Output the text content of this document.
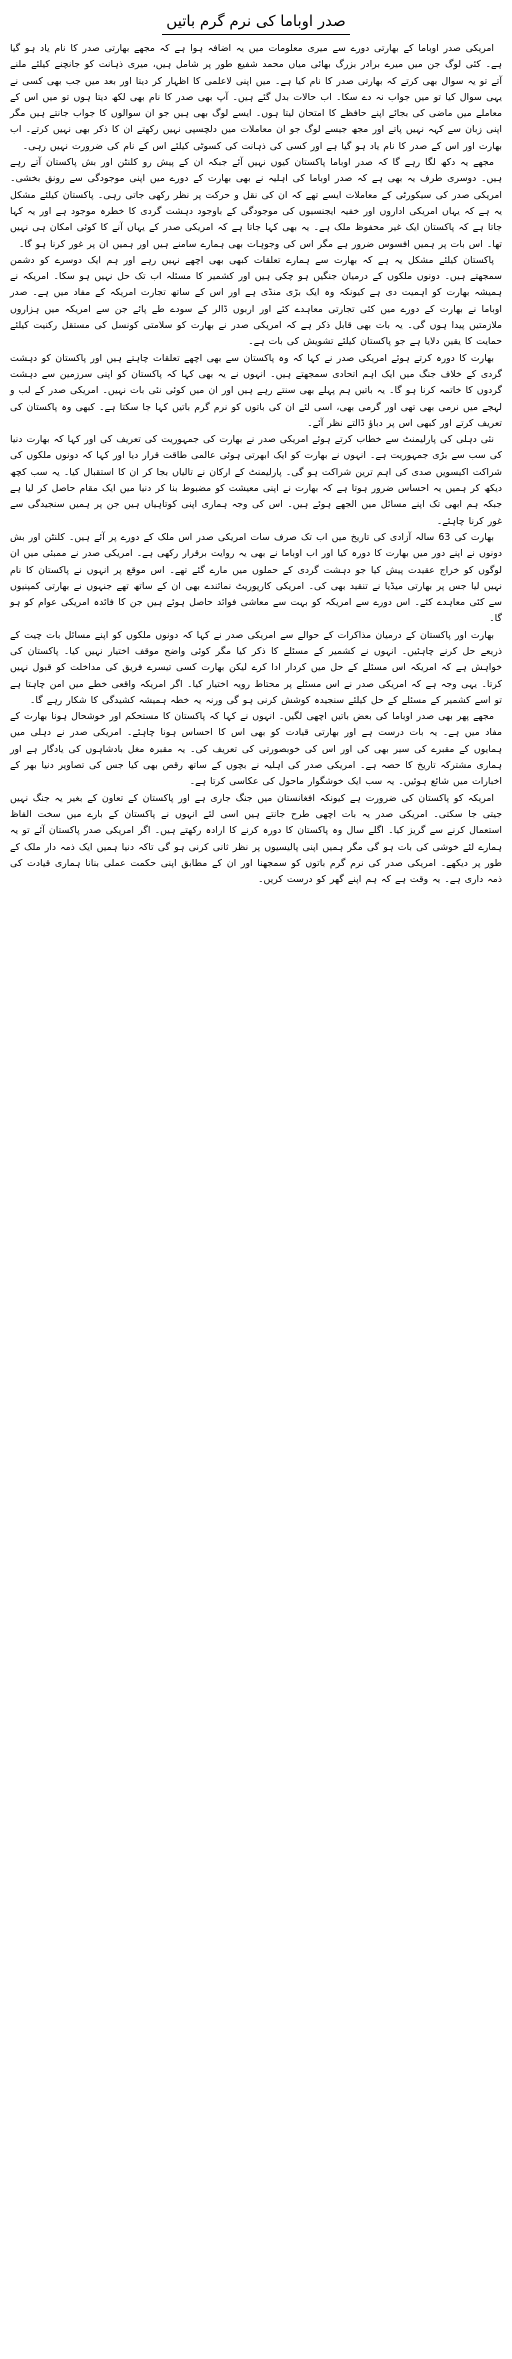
صدر اوباما کی نرم گرم باتیں

امریکی صدر اوباما کے بھارتی دورے سے میری معلومات میں یہ اضافہ ہوا ہے کہ مجھے بھارتی صدر کا نام یاد ہو گیا ہے۔ کئی لوگ جن میں میرے برادر بزرگ بھائی میاں محمد شفیع طور پر شامل ہیں، میری ذہانت کو جانچنے کیلئے ملنے آتے تو یہ سوال بھی کرتے کہ بھارتی صدر کا نام کیا ہے۔ میں اپنی لاعلمی کا اظہار کر دیتا اور بعد میں جب بھی کسی نے یہی سوال کیا تو میں جواب نہ دے سکا۔ اب حالات بدل گئے ہیں۔ آپ بھی صدر کا نام بھی لکھ دیتا ہوں تو میں اس کے معاملے میں ماضی کی بجائے اپنے حافظے کا امتحان لیتا ہوں۔ ایسے لوگ بھی ہیں جو ان سوالوں کا جواب جانتے ہیں مگر اپنی زبان سے کہہ نہیں پاتے اور مجھ جیسے لوگ جو ان معاملات میں دلچسپی نہیں رکھتے ان کا ذکر بھی نہیں کرتے۔ اب بھارت اور اس کے صدر کا نام یاد ہو گیا ہے اور کسی کی ذہانت کی کسوٹی کیلئے اس کے نام کی ضرورت نہیں رہی۔

مجھے یہ دکھ لگا رہے گا کہ صدر اوباما پاکستان کیوں نہیں آئے جبکہ ان کے پیش رو کلنٹن اور بش پاکستان آتے رہے ہیں۔ دوسری طرف یہ بھی ہے کہ صدر اوباما کی اہلیہ نے بھی بھارت کے دورے میں اپنی موجودگی سے رونق بخشی۔ امریکی صدر کی سیکورٹی کے معاملات ایسے تھے کہ ان کی نقل و حرکت پر نظر رکھی جاتی رہی۔ پاکستان کیلئے مشکل یہ ہے کہ یہاں امریکی اداروں اور خفیہ ایجنسیوں کی موجودگی کے باوجود دہشت گردی کا خطرہ موجود ہے اور یہ کہا جاتا ہے کہ پاکستان ایک غیر محفوظ ملک ہے۔ یہ بھی کہا جاتا ہے کہ امریکی صدر کے یہاں آنے کا کوئی امکان ہی نہیں تھا۔ اس بات پر ہمیں افسوس ضرور ہے مگر اس کی وجوہات بھی ہمارے سامنے ہیں اور ہمیں ان پر غور کرنا ہو گا۔

پاکستان کیلئے مشکل یہ ہے کہ بھارت سے ہمارے تعلقات کبھی بھی اچھے نہیں رہے اور ہم ایک دوسرے کو دشمن سمجھتے ہیں۔ دونوں ملکوں کے درمیان جنگیں ہو چکی ہیں اور کشمیر کا مسئلہ اب تک حل نہیں ہو سکا۔ امریکہ نے ہمیشہ بھارت کو اہمیت دی ہے کیونکہ وہ ایک بڑی منڈی ہے اور اس کے ساتھ تجارت امریکہ کے مفاد میں ہے۔ صدر اوباما نے بھارت کے دورے میں کئی تجارتی معاہدے کئے اور اربوں ڈالر کے سودے طے پائے جن سے امریکہ میں ہزاروں ملازمتیں پیدا ہوں گی۔ یہ بات بھی قابل ذکر ہے کہ امریکی صدر نے بھارت کو سلامتی کونسل کی مستقل رکنیت کیلئے حمایت کا یقین دلایا ہے جو پاکستان کیلئے تشویش کی بات ہے۔

بھارت کا دورہ کرتے ہوئے امریکی صدر نے کہا کہ وہ پاکستان سے بھی اچھے تعلقات چاہتے ہیں اور پاکستان کو دہشت گردی کے خلاف جنگ میں ایک اہم اتحادی سمجھتے ہیں۔ انہوں نے یہ بھی کہا کہ پاکستان کو اپنی سرزمین سے دہشت گردوں کا خاتمہ کرنا ہو گا۔ یہ باتیں ہم پہلے بھی سنتے رہے ہیں اور ان میں کوئی نئی بات نہیں۔ امریکی صدر کے لب و لہجے میں نرمی بھی تھی اور گرمی بھی، اسی لئے ان کی باتوں کو نرم گرم باتیں کہا جا سکتا ہے۔ کبھی وہ پاکستان کی تعریف کرتے اور کبھی اس پر دباؤ ڈالتے نظر آئے۔

نئی دہلی کی پارلیمنٹ سے خطاب کرتے ہوئے امریکی صدر نے بھارت کی جمہوریت کی تعریف کی اور کہا کہ بھارت دنیا کی سب سے بڑی جمہوریت ہے۔ انہوں نے بھارت کو ایک ابھرتی ہوئی عالمی طاقت قرار دیا اور کہا کہ دونوں ملکوں کی شراکت اکیسویں صدی کی اہم ترین شراکت ہو گی۔ پارلیمنٹ کے ارکان نے تالیاں بجا کر ان کا استقبال کیا۔ یہ سب کچھ دیکھ کر ہمیں یہ احساس ضرور ہوتا ہے کہ بھارت نے اپنی معیشت کو مضبوط بنا کر دنیا میں ایک مقام حاصل کر لیا ہے جبکہ ہم ابھی تک اپنے مسائل میں الجھے ہوئے ہیں۔ اس کی وجہ ہماری اپنی کوتاہیاں ہیں جن پر ہمیں سنجیدگی سے غور کرنا چاہئے۔

بھارت کی 63 سالہ آزادی کی تاریخ میں اب تک صرف سات امریکی صدر اس ملک کے دورے پر آئے ہیں۔ کلنٹن اور بش دونوں نے اپنے دور میں بھارت کا دورہ کیا اور اب اوباما نے بھی یہ روایت برقرار رکھی ہے۔ امریکی صدر نے ممبئی میں ان لوگوں کو خراج عقیدت پیش کیا جو دہشت گردی کے حملوں میں مارے گئے تھے۔ اس موقع پر انہوں نے پاکستان کا نام نہیں لیا جس پر بھارتی میڈیا نے تنقید بھی کی۔ امریکی کارپوریٹ نمائندے بھی ان کے ساتھ تھے جنہوں نے بھارتی کمپنیوں سے کئی معاہدے کئے۔ اس دورے سے امریکہ کو بہت سے معاشی فوائد حاصل ہوئے ہیں جن کا فائدہ امریکی عوام کو ہو گا۔

بھارت اور پاکستان کے درمیان مذاکرات کے حوالے سے امریکی صدر نے کہا کہ دونوں ملکوں کو اپنے مسائل بات چیت کے ذریعے حل کرنے چاہئیں۔ انہوں نے کشمیر کے مسئلے کا ذکر کیا مگر کوئی واضح موقف اختیار نہیں کیا۔ پاکستان کی خواہش ہے کہ امریکہ اس مسئلے کے حل میں کردار ادا کرے لیکن بھارت کسی تیسرے فریق کی مداخلت کو قبول نہیں کرتا۔ یہی وجہ ہے کہ امریکی صدر نے اس مسئلے پر محتاط رویہ اختیار کیا۔ اگر امریکہ واقعی خطے میں امن چاہتا ہے تو اسے کشمیر کے مسئلے کے حل کیلئے سنجیدہ کوشش کرنی ہو گی ورنہ یہ خطہ ہمیشہ کشیدگی کا شکار رہے گا۔

مجھے پھر بھی صدر اوباما کی بعض باتیں اچھی لگیں۔ انہوں نے کہا کہ پاکستان کا مستحکم اور خوشحال ہونا بھارت کے مفاد میں ہے۔ یہ بات درست ہے اور بھارتی قیادت کو بھی اس کا احساس ہونا چاہئے۔ امریکی صدر نے دہلی میں ہمایوں کے مقبرے کی سیر بھی کی اور اس کی خوبصورتی کی تعریف کی۔ یہ مقبرہ مغل بادشاہوں کی یادگار ہے اور ہماری مشترکہ تاریخ کا حصہ ہے۔ امریکی صدر کی اہلیہ نے بچوں کے ساتھ رقص بھی کیا جس کی تصاویر دنیا بھر کے اخبارات میں شائع ہوئیں۔ یہ سب ایک خوشگوار ماحول کی عکاسی کرتا ہے۔

امریکہ کو پاکستان کی ضرورت ہے کیونکہ افغانستان میں جنگ جاری ہے اور پاکستان کے تعاون کے بغیر یہ جنگ نہیں جیتی جا سکتی۔ امریکی صدر یہ بات اچھی طرح جانتے ہیں اسی لئے انہوں نے پاکستان کے بارے میں سخت الفاظ استعمال کرنے سے گریز کیا۔ اگلے سال وہ پاکستان کا دورہ کرنے کا ارادہ رکھتے ہیں۔ اگر امریکی صدر پاکستان آئے تو یہ ہمارے لئے خوشی کی بات ہو گی مگر ہمیں اپنی پالیسیوں پر نظر ثانی کرنی ہو گی تاکہ دنیا ہمیں ایک ذمہ دار ملک کے طور پر دیکھے۔ امریکی صدر کی نرم گرم باتوں کو سمجھنا اور ان کے مطابق اپنی حکمت عملی بنانا ہماری قیادت کی ذمہ داری ہے۔ یہ وقت ہے کہ ہم اپنے گھر کو درست کریں۔
